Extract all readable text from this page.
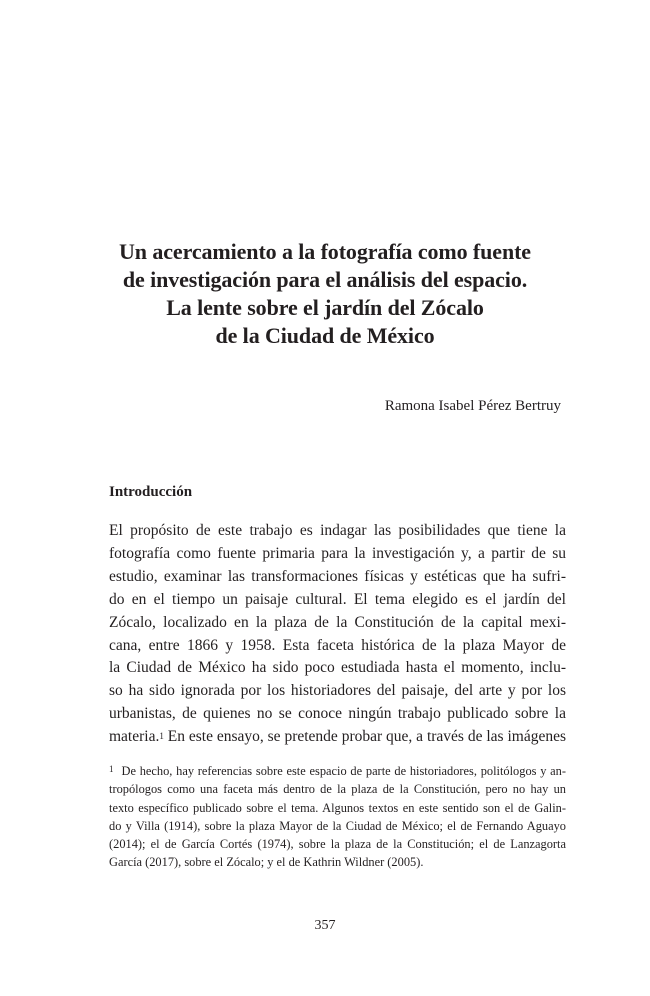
Un acercamiento a la fotografía como fuente
de investigación para el análisis del espacio.
La lente sobre el jardín del Zócalo
de la Ciudad de México
Ramona Isabel Pérez Bertruy
Introducción
El propósito de este trabajo es indagar las posibilidades que tiene la
fotografía como fuente primaria para la investigación y, a partir de su
estudio, examinar las transformaciones físicas y estéticas que ha sufri-
do en el tiempo un paisaje cultural. El tema elegido es el jardín del
Zócalo, localizado en la plaza de la Constitución de la capital mexi-
cana, entre 1866 y 1958. Esta faceta histórica de la plaza Mayor de
la Ciudad de México ha sido poco estudiada hasta el momento, inclu-
so ha sido ignorada por los historiadores del paisaje, del arte y por los
urbanistas, de quienes no se conoce ningún trabajo publicado sobre la
materia.$^1$ En este ensayo, se pretende probar que, a través de las imágenes
$^1$ De hecho, hay referencias sobre este espacio de parte de historiadores, politólogos y an-
tropólogos como una faceta más dentro de la plaza de la Constitución, pero no hay un
texto específico publicado sobre el tema. Algunos textos en este sentido son el de Galin-
do y Villa (1914), sobre la plaza Mayor de la Ciudad de México; el de Fernando Aguayo
(2014); el de García Cortés (1974), sobre la plaza de la Constitución; el de Lanzagorta
García (2017), sobre el Zócalo; y el de Kathrin Wildner (2005).
357
